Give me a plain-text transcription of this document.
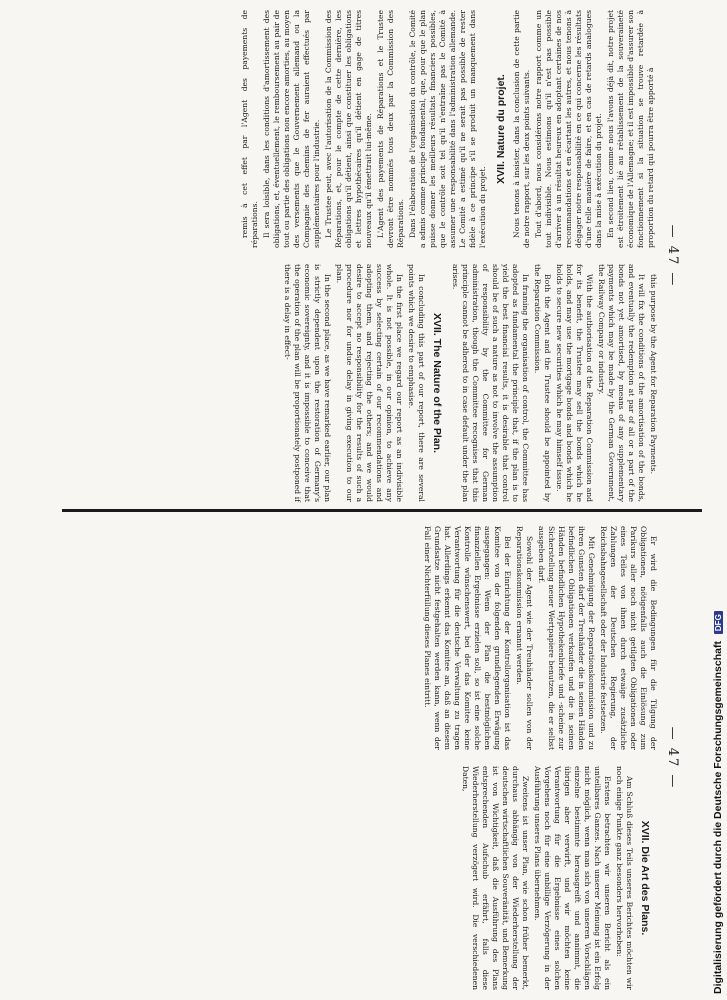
— 47 —

remis à cet effet par l'Agent des payements de réparations. Il sera loisible, dans les conditions d'amortissement des obligations, et, éventuellement, le remboursement au pair de tout ou partie des obligations non encore amorties, au moyen des versements que le Gouvernement allemand ou la Compagnie des chemins de fer auraient effectués par supplémentaires pour l'industrie. Le Trustee peut, avec l'autorisation de la Commission des Réparations, et, pour le compte de cette dernière, les obligations qu'il détient, ainsi que constituer les obligations et lettres hypothécaires qu'il détient en gage de titres nouveaux qu'il émettrait lui-même. L'Agent des payements de Réparations et le Trustee devront être nommés tous deux par la Commission des Réparations. Dans l'élaboration de l'organisation du contrôle, le Comité a admis comme principe fondamental, que, pour que le plan puisse donner les meilleurs résultats financiers possibles, que le contrôle soit tel qu'il n'entraîne pas le Comité à assumer une responsabilité dans l'administration allemande. Le Comité a estimé qu'il ne serait pas possible de rester fidèle à ce principe s'il se produit un manquement dans l'exécution du projet.

XVII. Nature du projet. Nous tenons à insister, dans la conclusion de cette partie de notre rapport, sur les deux points suivants. Tout d'abord, nous considérons notre rapport comme un tout indivisible. Nous estimons qu'il n'est pas possible d'arriver à un résultat heureux en adoptant certaines de nos recommandations et en écartant les autres, et nous tenons à dégager notre responsabilité en ce qui concerne les résultats d'une telle manière de faire, et en cas de retards analogues dans la mise à exécution du projet. En second lieu, comme nous l'avons déjà dit, notre projet est étroitement lié au rétablissement de la souveraineté économique de l'Allemagne; et il est impossible d'assurer son fonctionnement si la situation se trouve retardée à proportion du retard qui pourra être apporté à

this purpose by the Agent for Reparation Payments.

It will fix the conditions of the amortisation of the bonds, and eventually the redemption at par of all or a part of the bonds not yet amortised, by means of any supplementary payments which may be made by the German Government, the Railway Company or industry.

With the authorisation of the Reparation Commission and for its benefit, the Trustee may sell the bonds which he holds, and may use the mortgage bonds and bonds which he holds to secure new securities which he may himself issue.

Both the Agent and the Trustee should be appointed by the Reparation Commission.

In framing the organisation of control, the Committee has adopted as fundamental the principle that, if the plan is to yield the best financial results, it is desirable that control should be of such a nature as not to involve the assumption of responsibility by the Committee for German administration, though the Committee recognises that this principle cannot be adhered to in case default under the plan arises.

XVII. The Nature of the Plan.

In concluding this part of our report, there are several points which we desire to emphasise.

In the first place we regard our report as an indivisible whole. It is not possible, in our opinion, to achieve any success by selecting certain of our recommendations and adopting them, and rejecting the others; and we would desire to accept no responsibility for the results of such a procedure nor for undue delay in giving execution to our plan.

In the second place, as we have remarked earlier, our plan is strictly dependent upon the restoration of Germany's economic sovereignty, and it is impossible to conceive that the operation of the plan will be proportionately postponed if there is a delay in effect-

— 47 —

Er wird die Bedingungen für die Tilgung der Obligationen, nötigenfalls auch die Einlösung zum Parikurs aller noch nicht getilgten Obligationen oder eines Teiles von ihnen durch etwaige zusätzliche Zahlungen der Deutschen Regierung, der Reichsbahngesellschaft oder der Industrie festsetzen.

Mit Genehmigung der Reparationskommission und zu ihren Gunsten darf der Treuhänder die in seinen Händen befindlichen Obligationen verkaufen und die in seinen Händen befindlichen Hypothekenbriefe und -scheine zur Sicherstellung neuer Wertpapiere benutzen, die er selbst ausgeben darf.

Sowohl der Agent wie der Treuhänder sollen von der Reparationskommission ernannt werden.

Bei der Einrichtung der Kontrollorganisation ist das Komitee von der folgenden grundlegenden Erwägung ausgegangen: Wenn der Plan die bestmöglichen finanziellen Ergebnisse erzielen soll, so ist eine solche Kontrolle wünschenswert, bei der das Komitee keine Verantwortung für die deutsche Verwaltung zu tragen hat. Allerdings erkennt das Komitee an, daß an diesem Grundsatze nicht festgehalten werden kann, wenn der Fall einer Nichterfüllung dieses Planes eintritt.

XVII. Die Art des Plans.

Am Schluß dieses Teils unseres Berichtes möchten wir noch einige Punkte ganz besonders hervorheben:

Erstens betrachten wir unseren Bericht als ein unteilbares Ganzes. Nach unserer Meinung ist ein Erfolg nicht möglich, wenn man sich von unseren Vorschlägen einzelne bestimmte herausgreift und annimmt, die übrigen aber verwirft, und wir möchten keine Verantwortung für die Ergebnisse eines solchen Vorgehens noch für eine unbillige Verzögerung in der Ausführung unseres Plans übernehmen.

Zweitens ist unser Plan, wie schon früher bemerkt, durchaus abhängig von der Wiederherstellung der deutschen wirtschaftlichen Souveränität, und Bemerkung ist von Wichtigkeit, daß die Ausführung des Plans entsprechenden Aufschub erfährt, falls diese Wiederherstellung verzögert wird. Die verschiedenen Daten,	Digitalisierung gefördert durch die Deutsche Forschungsgemeinschaft DFG
